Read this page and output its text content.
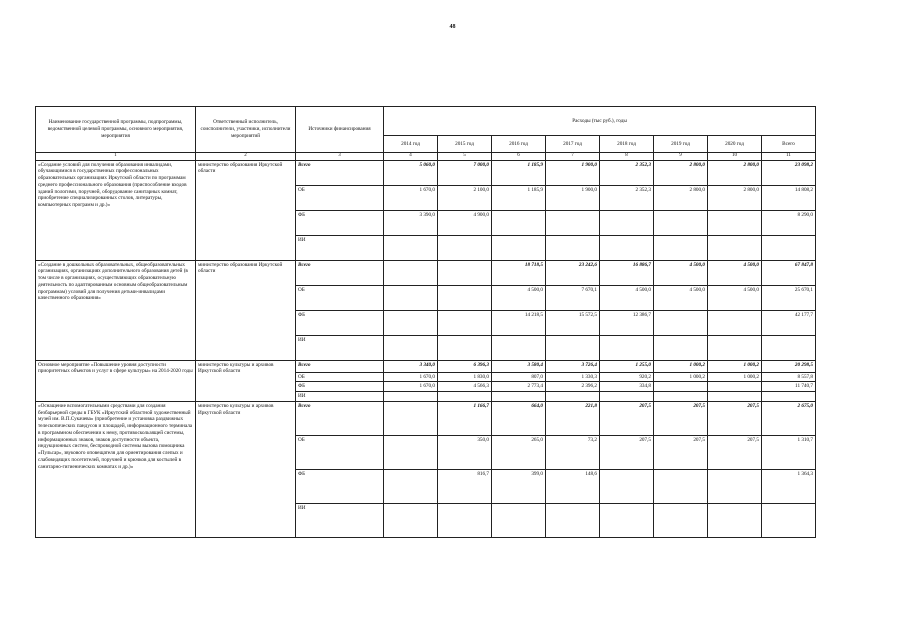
48
Наименование государственной программы, подпрограммы, ведомственной целевой программы, основного мероприятия, мероприятия	Ответственный исполнитель, соисполнители, участники, исполнители мероприятий	Источники финансирования	Расходы (тыс руб.), годы							
			2014 год	2015 год	2016 год	2017 год	2018 год	2019 год	2020 год	Всего
1	2	3	4	5	6	7	8	9	10	11
«Создание условий для получения образования инвалидами, обучающимися в государственных профессиональных образовательных организациях Иркутской области по программам среднего профессионального образования (приспособление входов зданий пологими, поручней, оборудование санитарных комнат, приобретение специализированных столов, литературы, компьютерных программ и др.)»	министерство образования Иркутской области	Всего	5 060,0	7 000,0	1 185,9	1 900,0	2 352,3	2 800,0	2 800,0	23 098,2
		ОБ	1 670,0	2 100,0	1 185,9	1 900,0	2 352,3	2 800,0	2 800,0	14 808,2
		ФБ	3 390,0	4 900,0						8 290,0
		ИИ								
«Создание в дошкольных образовательных, общеобразовательных организациях, организациях дополнительного образования детей (в том числе в организациях, осуществляющих образовательную деятельность по адаптированным основным общеобразовательным программам) условий для получения детьми-инвалидами качественного образования»	министерство образования Иркутской области	Всего			18 718,5	23 242,6	16 886,7	4 500,0	4 500,0	67 847,8
		ОБ			4 500,0	7 670,1	4 500,0	4 500,0	4 500,0	25 670,1
		ФБ			14 218,5	15 572,5	12 386,7			42 177,7
		ИИ								
Основное мероприятие «Повышение уровня доступности приоритетных объектов и услуг в сфере культуры» на 2014-2020 годы	министерство культуры и архивов Иркутской области	Всего	3 340,0	6 396,3	3 580,4	3 726,4	1 255,0	1 000,2	1 000,2	20 298,5
		ОБ	1 670,0	1 830,0	807,0	1 330,3	920,2	1 000,2	1 000,2	8 557,8
		ФБ	1 670,0	4 566,3	2 773,4	2 396,2	334,8			11 740,7
		ИИ								
«Оснащение вспомогательными средствами для создания безбарьерной среды в ГБУК «Иркутский областной художественный музей им. В.П.Сукачева» (приобретение и установка раздвижных телескопических пандусов и площадей, информационного терминала в программном обеспечении к нему, противоскользящей системы, информационных знаков, знаков доступности объекта, индукционных систем, беспроводной системы вызова помощника «Пульсар», звукового оповещателя для ориентирования слепых и слабовидящих посетителей, поручней и крючков для костылей в санитарно-гигиенических комнатах и др.)»	министерство культуры и архивов Иркутской области	Всего		1 166,7	664,0	221,8	207,5	207,5	207,5	2 675,0
		ОБ		350,0	265,0	73,2	207,5	207,5	207,5	1 310,7
		ФБ		816,7	399,0	148,6				1 364,3
		ИИ								
